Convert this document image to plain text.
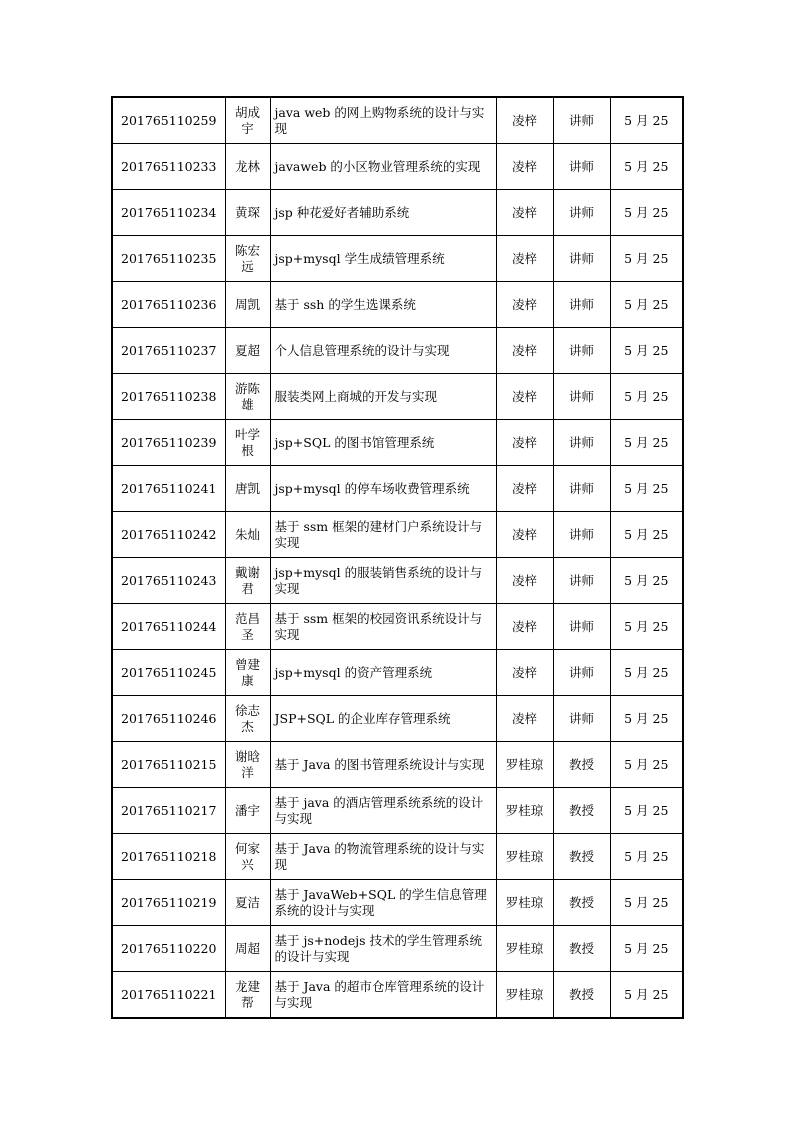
201765110259	胡成宇	java web 的网上购物系统的设计与实现	凌梓	讲师	5 月 25
201765110233	龙林	javaweb 的小区物业管理系统的实现	凌梓	讲师	5 月 25
201765110234	黄琛	jsp 种花爱好者辅助系统	凌梓	讲师	5 月 25
201765110235	陈宏远	jsp+mysql 学生成绩管理系统	凌梓	讲师	5 月 25
201765110236	周凯	基于 ssh 的学生选课系统	凌梓	讲师	5 月 25
201765110237	夏超	个人信息管理系统的设计与实现	凌梓	讲师	5 月 25
201765110238	游陈雄	服装类网上商城的开发与实现	凌梓	讲师	5 月 25
201765110239	叶学根	jsp+SQL 的图书馆管理系统	凌梓	讲师	5 月 25
201765110241	唐凯	jsp+mysql 的停车场收费管理系统	凌梓	讲师	5 月 25
201765110242	朱灿	基于 ssm 框架的建材门户系统设计与实现	凌梓	讲师	5 月 25
201765110243	戴谢君	jsp+mysql 的服装销售系统的设计与实现	凌梓	讲师	5 月 25
201765110244	范昌圣	基于 ssm 框架的校园资讯系统设计与实现	凌梓	讲师	5 月 25
201765110245	曾建康	jsp+mysql 的资产管理系统	凌梓	讲师	5 月 25
201765110246	徐志杰	JSP+SQL 的企业库存管理系统	凌梓	讲师	5 月 25
201765110215	谢晗洋	基于 Java 的图书管理系统设计与实现	罗桂琼	教授	5 月 25
201765110217	潘宇	基于 java 的酒店管理系统系统的设计与实现	罗桂琼	教授	5 月 25
201765110218	何家兴	基于 Java 的物流管理系统的设计与实现	罗桂琼	教授	5 月 25
201765110219	夏洁	基于 JavaWeb+SQL 的学生信息管理系统的设计与实现	罗桂琼	教授	5 月 25
201765110220	周超	基于 js+nodejs 技术的学生管理系统的设计与实现	罗桂琼	教授	5 月 25
201765110221	龙建帮	基于 Java 的超市仓库管理系统的设计与实现	罗桂琼	教授	5 月 25
